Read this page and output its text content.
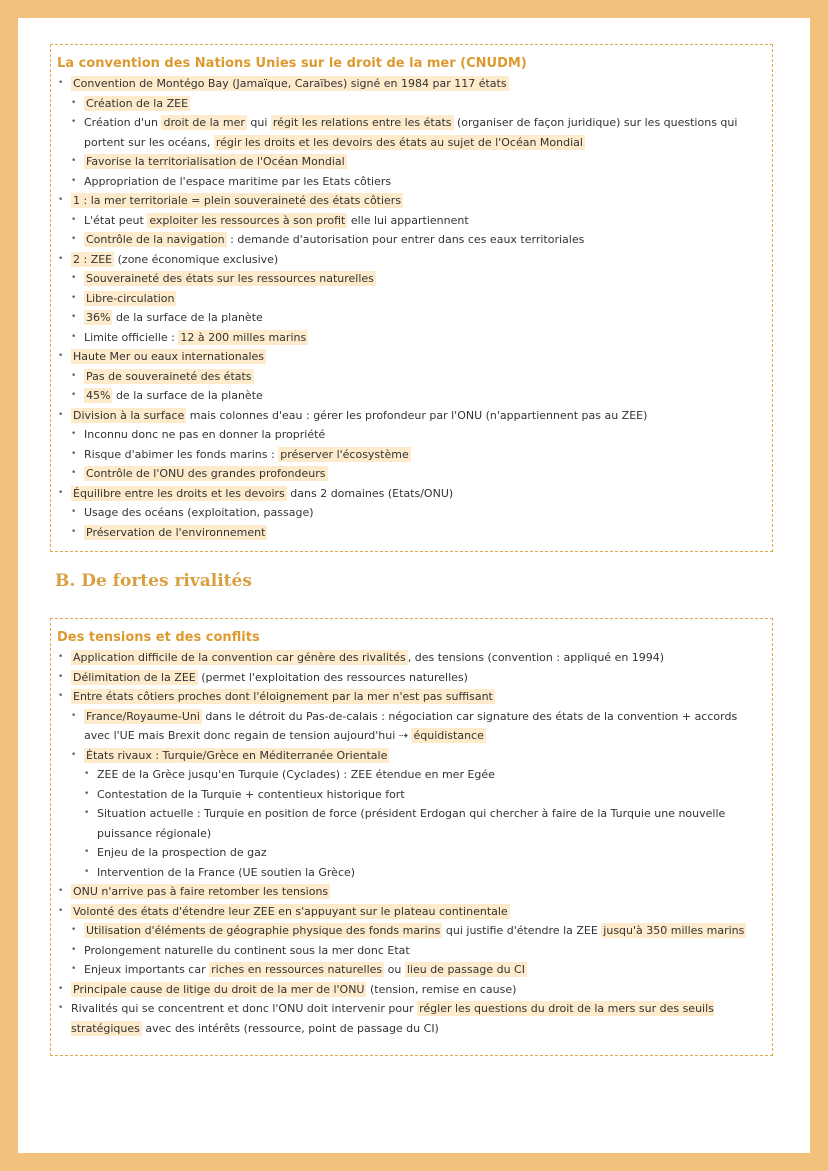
La convention des Nations Unies sur le droit de la mer (CNUDM)
• Convention de Montégo Bay (Jamaïque, Caraïbes) signé en 1984 par 117 états
• Création de la ZEE
• Création d'un droit de la mer qui régit les relations entre les états (organiser de façon juridique) sur les questions qui portent sur les océans, régir les droits et les devoirs des états au sujet de l'Océan Mondial
• Favorise la territorialisation de l'Océan Mondial
• Appropriation de l'espace maritime par les Etats côtiers
• 1 : la mer territoriale = plein souveraineté des états côtiers
• L'état peut exploiter les ressources à son profit elle lui appartiennent
• Contrôle de la navigation : demande d'autorisation pour entrer dans ces eaux territoriales
• 2 : ZEE (zone économique exclusive)
• Souveraineté des états sur les ressources naturelles
• Libre-circulation
• 36% de la surface de la planète
• Limite officielle : 12 à 200 milles marins
• Haute Mer ou eaux internationales
• Pas de souveraineté des états
• 45% de la surface de la planète
• Division à la surface mais colonnes d'eau : gérer les profondeur par l'ONU (n'appartiennent pas au ZEE)
• Inconnu donc ne pas en donner la propriété
• Risque d'abimer les fonds marins : préserver l'écosystème
• Contrôle de l'ONU des grandes profondeurs
• Équilibre entre les droits et les devoirs dans 2 domaines (Etats/ONU)
• Usage des océans (exploitation, passage)
• Préservation de l'environnement
B. De fortes rivalités
Des tensions et des conflits
• Application difficile de la convention car génère des rivalités , des tensions (convention : appliqué en 1994)
• Délimitation de la ZEE (permet l'exploitation des ressources naturelles)
• Entre états côtiers proches dont l'éloignement par la mer n'est pas suffisant
• France/Royaume-Uni dans le détroit du Pas-de-calais : négociation car signature des états de la convention + accords avec l'UE mais Brexit donc regain de tension aujourd'hui ⇢ équidistance
• États rivaux : Turquie/Grèce en Méditerranée Orientale
• ZEE de la Grèce jusqu'en Turquie (Cyclades) : ZEE étendue en mer Egée
• Contestation de la Turquie + contentieux historique fort
• Situation actuelle : Turquie en position de force (président Erdogan qui chercher à faire de la Turquie une nouvelle puissance régionale)
• Enjeu de la prospection de gaz
• Intervention de la France (UE soutien la Grèce)
• ONU n'arrive pas à faire retomber les tensions
• Volonté des états d'étendre leur ZEE en s'appuyant sur le plateau continentale
• Utilisation d'éléments de géographie physique des fonds marins qui justifie d'étendre la ZEE jusqu'à 350 milles marins
• Prolongement naturelle du continent sous la mer donc Etat
• Enjeux importants car riches en ressources naturelles ou lieu de passage du CI
• Principale cause de litige du droit de la mer de l'ONU (tension, remise en cause)
• Rivalités qui se concentrent et donc l'ONU doit intervenir pour régler les questions du droit de la mers sur des seuils stratégiques avec des intérêts (ressource, point de passage du CI)
